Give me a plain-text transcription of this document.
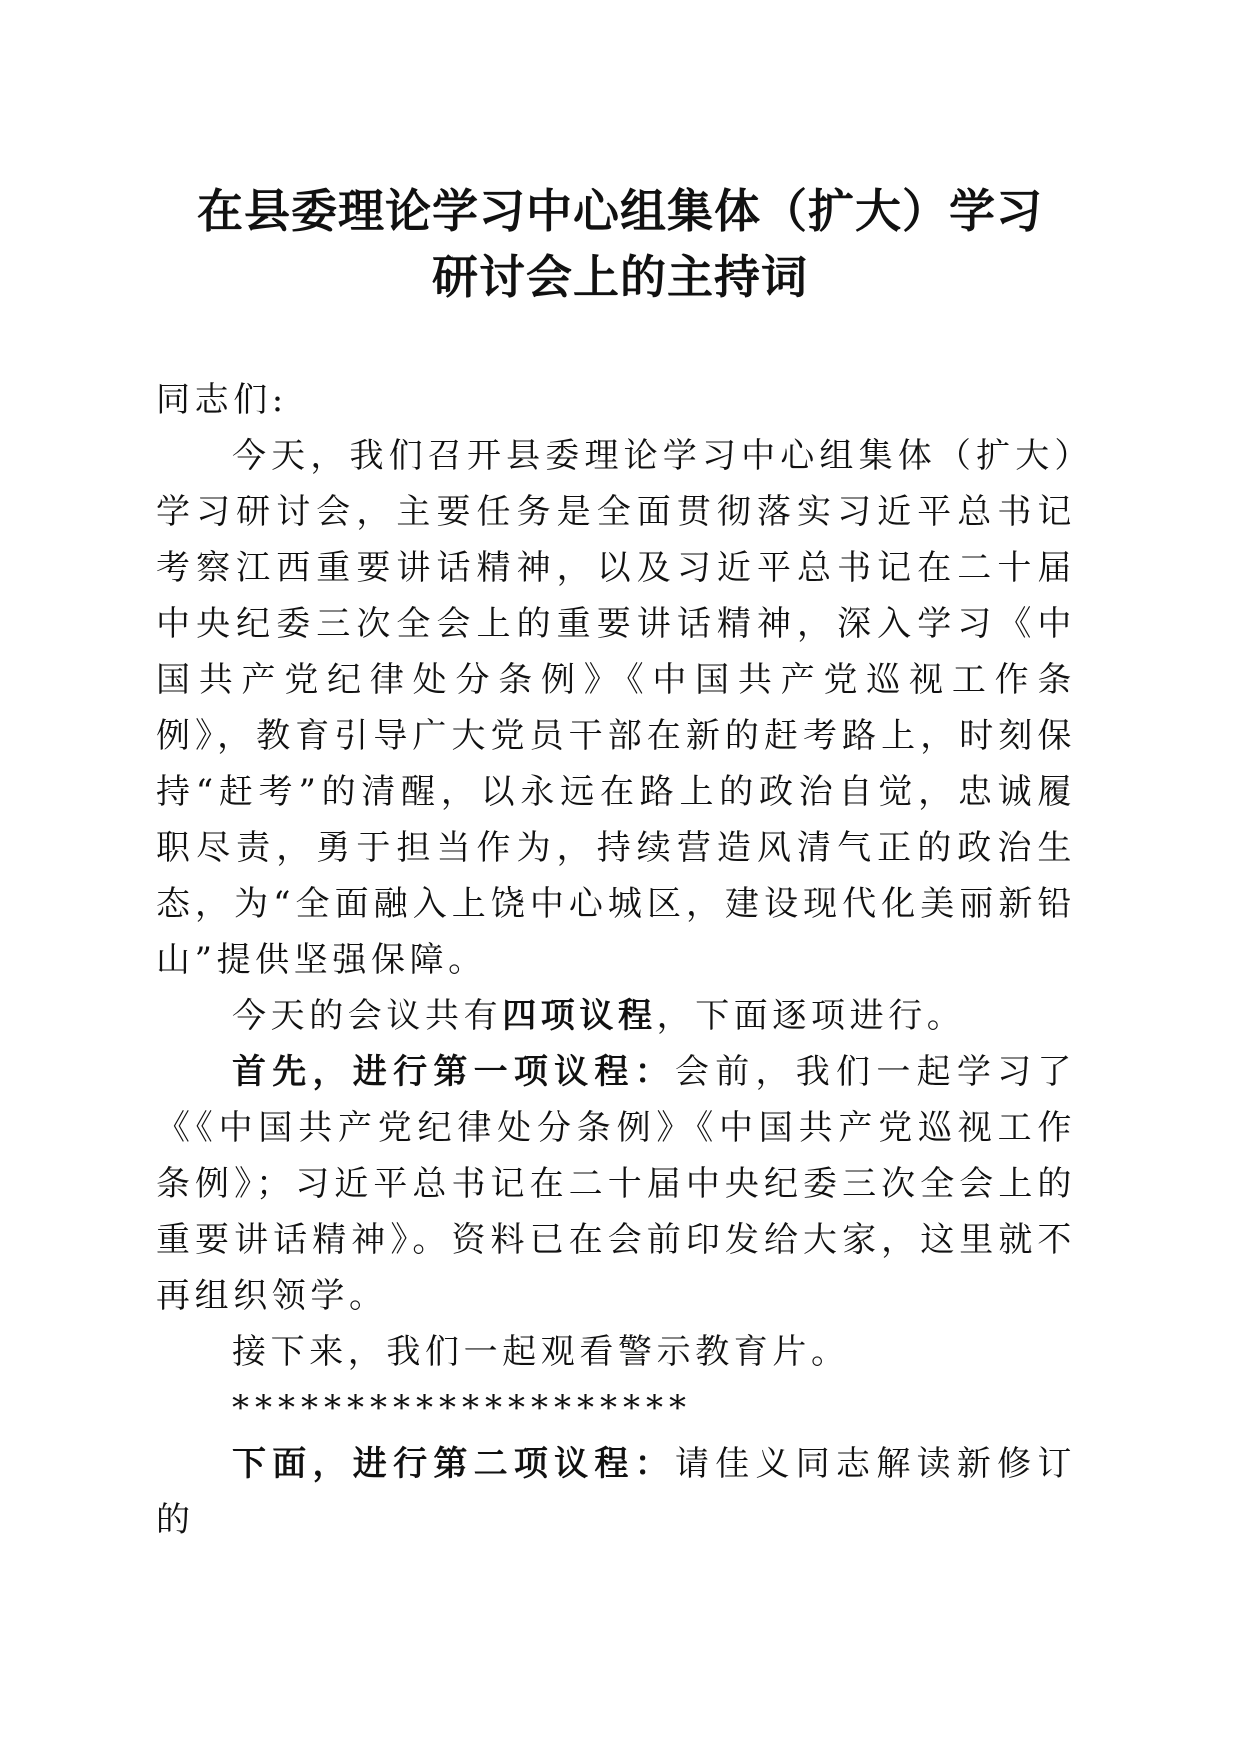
在县委理论学习中心组集体（扩大）学习
研讨会上的主持词

同志们:

今天，我们召开县委理论学习中心组集体（扩大）学习研讨会，主要任务是全面贯彻落实习近平总书记考察江西重要讲话精神，以及习近平总书记在二十届中央纪委三次全会上的重要讲话精神，深入学习《中国共产党纪律处分条例》《中国共产党巡视工作条例》，教育引导广大党员干部在新的赶考路上，时刻保持“赶考”的清醒，以永远在路上的政治自觉，忠诚履职尽责，勇于担当作为，持续营造风清气正的政治生态，为“全面融入上饶中心城区，建设现代化美丽新铅山”提供坚强保障。

今天的会议共有四项议程，下面逐项进行。

首先，进行第一项议程：会前，我们一起学习了《《中国共产党纪律处分条例》《中国共产党巡视工作条例》；习近平总书记在二十届中央纪委三次全会上的重要讲话精神》。资料已在会前印发给大家，这里就不再组织领学。

接下来，我们一起观看警示教育片。

********************

下面，进行第二项议程：请佳义同志解读新修订的
